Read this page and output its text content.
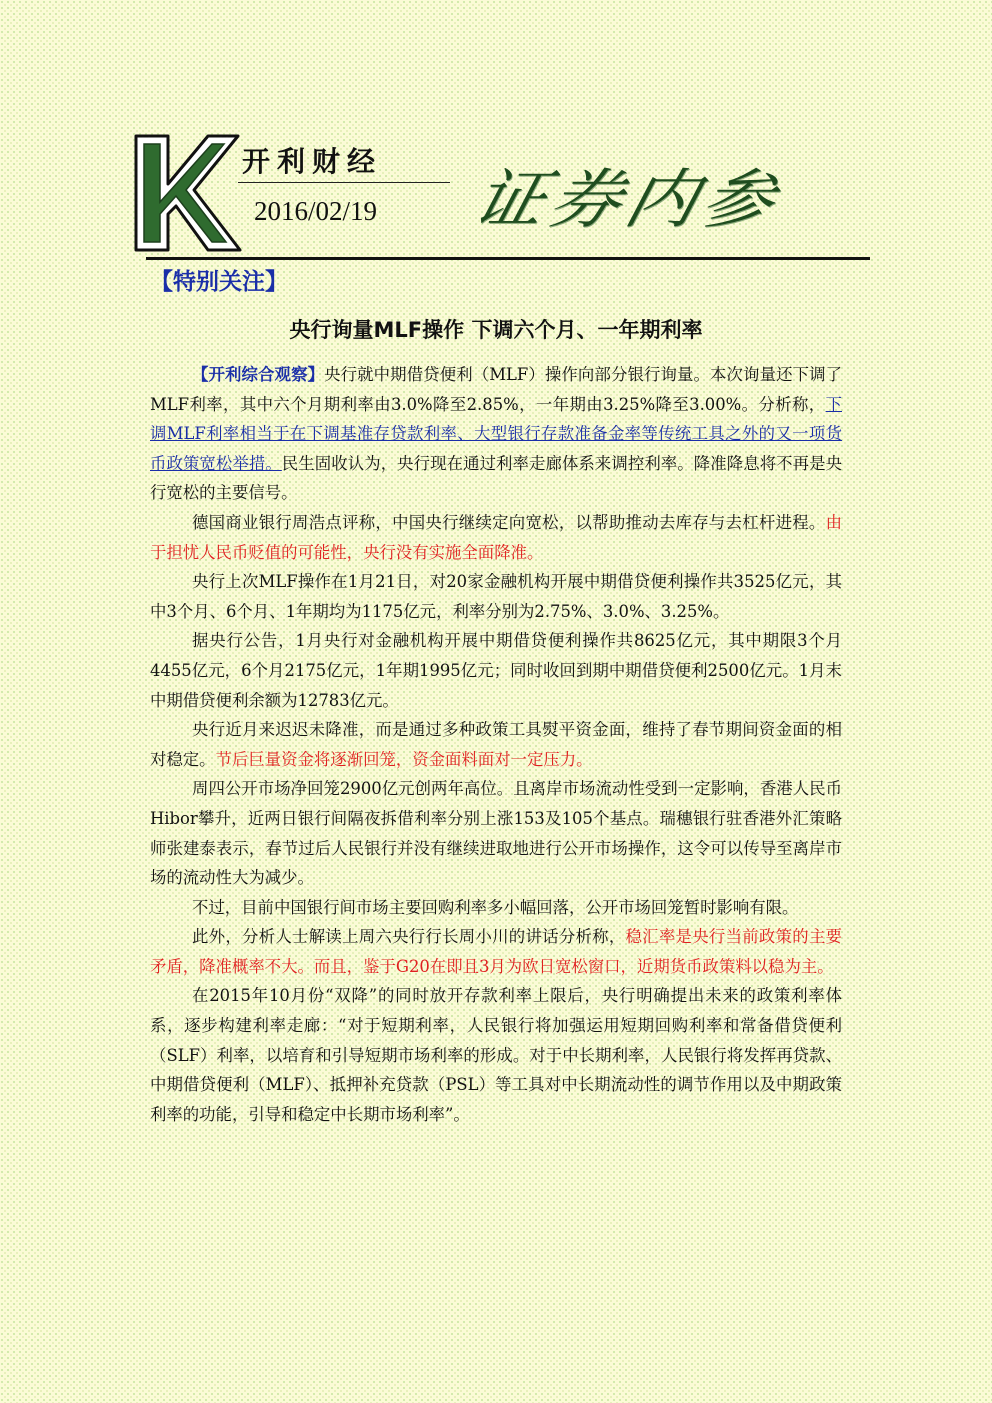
开利财经
2016/02/19 证券内参
【特别关注】
央行询量MLF操作 下调六个月、一年期利率

【开利综合观察】央行就中期借贷便利（MLF）操作向部分银行询量。本次询量还下调了MLF利率，其中六个月期利率由3.0%降至2.85%，一年期由3.25%降至3.00%。分析称，下调MLF利率相当于在下调基准存贷款利率、大型银行存款准备金率等传统工具之外的又一项货币政策宽松举措。民生固收认为，央行现在通过利率走廊体系来调控利率。降准降息将不再是央行宽松的主要信号。

德国商业银行周浩点评称，中国央行继续定向宽松，以帮助推动去库存与去杠杆进程。由于担忧人民币贬值的可能性，央行没有实施全面降准。

央行上次MLF操作在1月21日，对20家金融机构开展中期借贷便利操作共3525亿元，其中3个月、6个月、1年期均为1175亿元，利率分别为2.75%、3.0%、3.25%。

据央行公告，1月央行对金融机构开展中期借贷便利操作共8625亿元，其中期限3个月4455亿元，6个月2175亿元，1年期1995亿元；同时收回到期中期借贷便利2500亿元。1月末中期借贷便利余额为12783亿元。

央行近月来迟迟未降准，而是通过多种政策工具熨平资金面，维持了春节期间资金面的相对稳定。节后巨量资金将逐渐回笼，资金面料面对一定压力。

周四公开市场净回笼2900亿元创两年高位。且离岸市场流动性受到一定影响，香港人民币Hibor攀升，近两日银行间隔夜拆借利率分别上涨153及105个基点。瑞穗银行驻香港外汇策略师张建泰表示，春节过后人民银行并没有继续进取地进行公开市场操作，这令可以传导至离岸市场的流动性大为减少。

不过，目前中国银行间市场主要回购利率多小幅回落，公开市场回笼暂时影响有限。

此外，分析人士解读上周六央行行长周小川的讲话分析称，稳汇率是央行当前政策的主要矛盾，降准概率不大。而且，鉴于G20在即且3月为欧日宽松窗口，近期货币政策料以稳为主。

在2015年10月份“双降”的同时放开存款利率上限后，央行明确提出未来的政策利率体系，逐步构建利率走廊：“对于短期利率，人民银行将加强运用短期回购利率和常备借贷便利（SLF）利率，以培育和引导短期市场利率的形成。对于中长期利率，人民银行将发挥再贷款、中期借贷便利（MLF）、抵押补充贷款（PSL）等工具对中长期流动性的调节作用以及中期政策利率的功能，引导和稳定中长期市场利率”。
